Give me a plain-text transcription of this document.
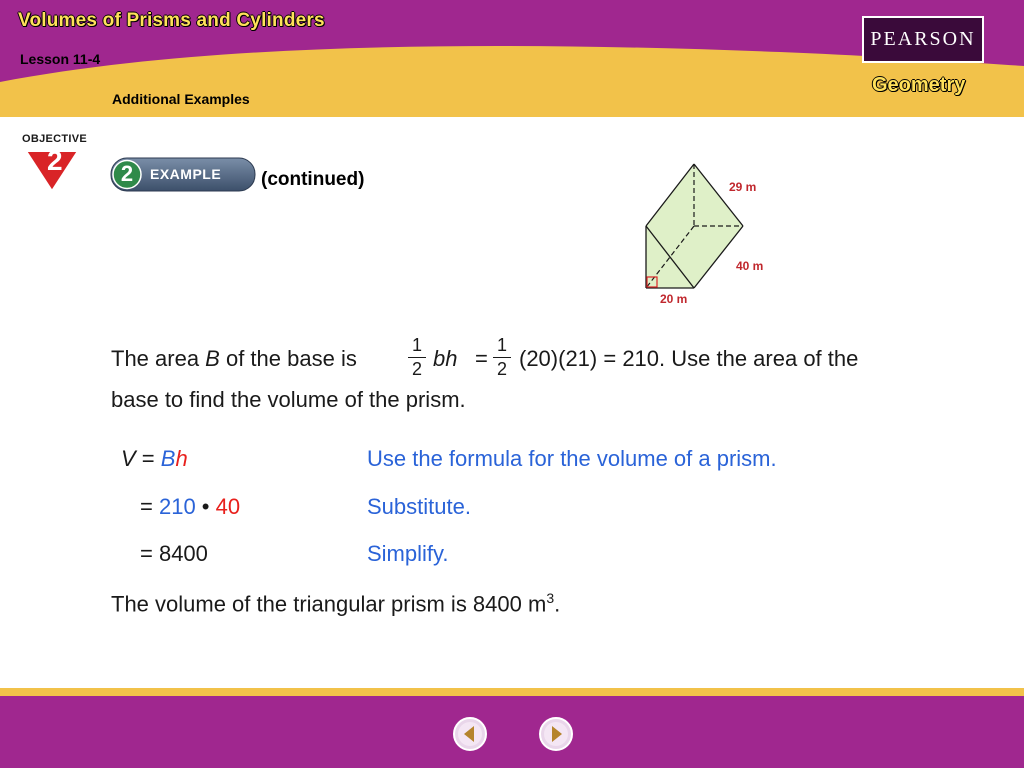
Volumes of Prisms and Cylinders
Lesson 11-4
Additional Examples
PEARSON
Geometry
OBJECTIVE
2	2 EXAMPLE (continued)	29 m
40 m
20 m
The area B of the base is
1
2 bh =
1
2 (20)(21) = 210. Use the area of the
base to find the volume of the prism.
V = Bh	Use the formula for the volume of a prism.
= 210 • 40	Substitute.
= 8400	Simplify.
The volume of the triangular prism is 8400 $m^3$.
